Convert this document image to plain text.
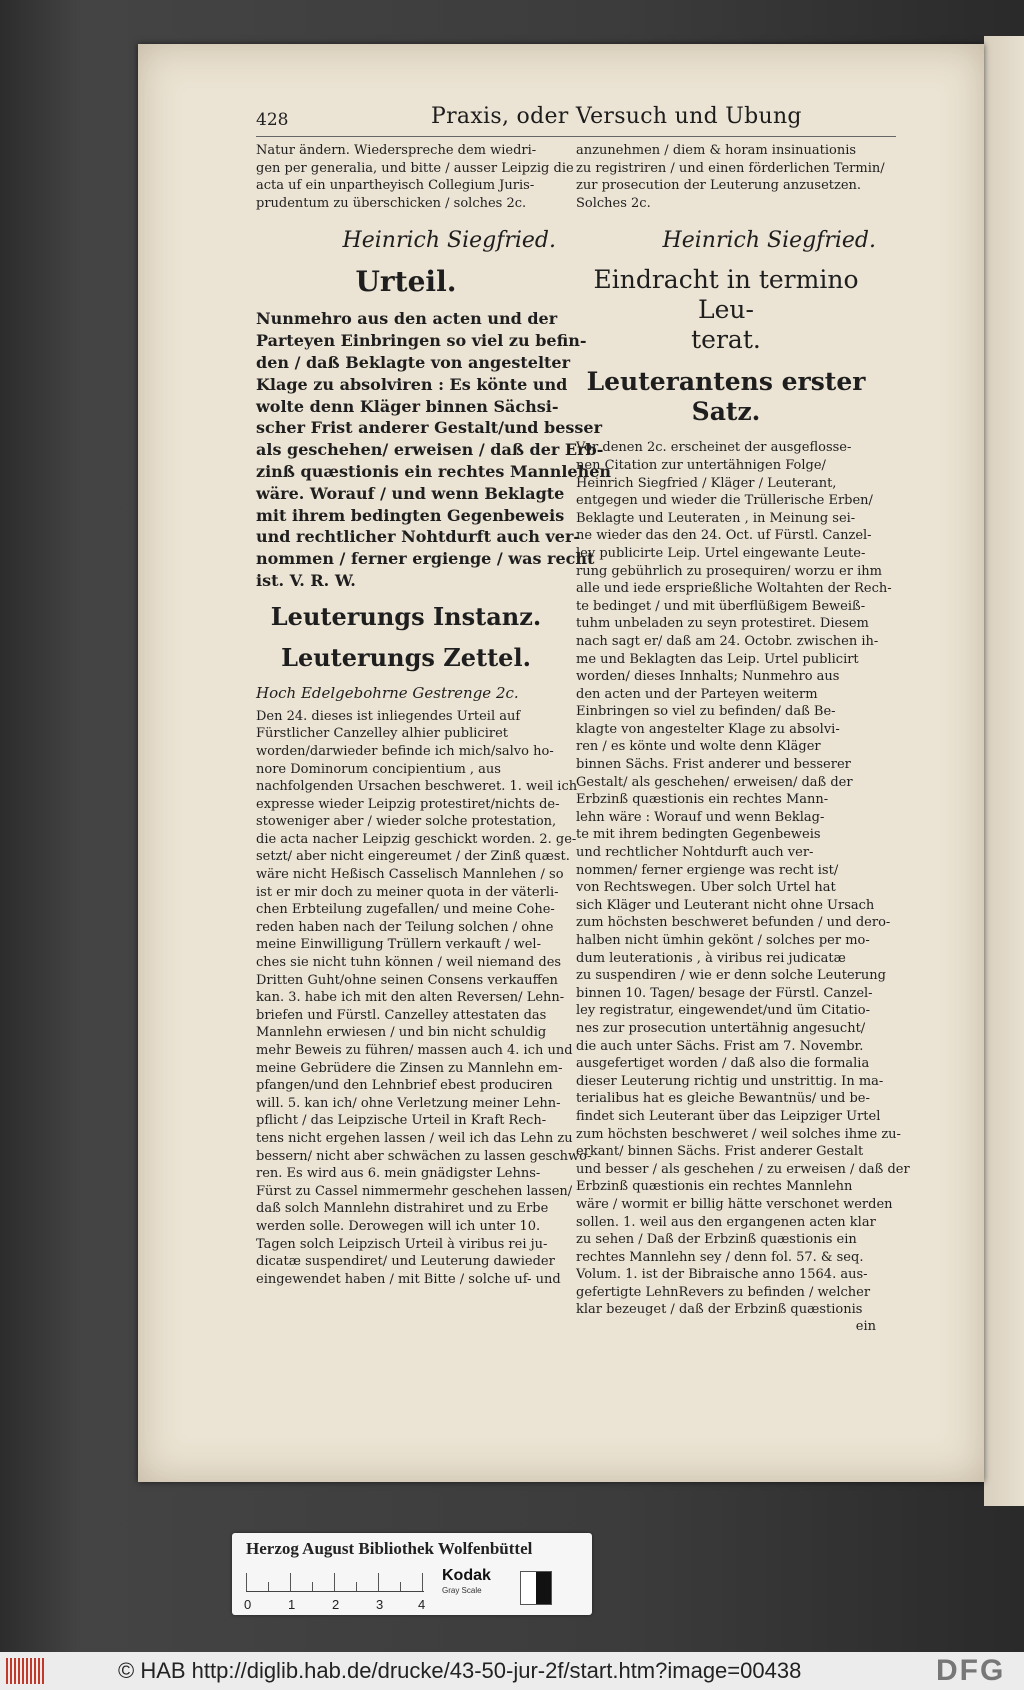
428	Praxis, oder Versuch und Ubung
Natur ändern. Wiederspreche dem wiedri-
gen per generalia, und bitte / ausser Leipzig die
acta uf ein unpartheyisch Collegium Juris-
prudentum zu überschicken / solches 2c.
Heinrich Siegfried.
Urteil.
Nunmehro aus den acten und der
Parteyen Einbringen so viel zu befin-
den / daß Beklagte von angestelter
Klage zu absolviren : Es könte und
wolte denn Kläger binnen Sächsi-
scher Frist anderer Gestalt/und besser
als geschehen/ erweisen / daß der Erb-
zinß quæstionis ein rechtes Mannlehen
wäre. Worauf / und wenn Beklagte
mit ihrem bedingten Gegenbeweis
und rechtlicher Nohtdurft auch ver-
nommen / ferner ergienge / was recht
ist. V. R. W.
Leuterungs Instanz.
Leuterungs Zettel.
Hoch Edelgebohrne Gestrenge 2c.
Den 24. dieses ist inliegendes Urteil auf
Fürstlicher Canzelley alhier publiciret
worden/darwieder befinde ich mich/salvo ho-
nore Dominorum concipientium , aus
nachfolgenden Ursachen beschweret. 1. weil ich
expresse wieder Leipzig protestiret/nichts de-
stoweniger aber / wieder solche protestation,
die acta nacher Leipzig geschickt worden. 2. ge-
setzt/ aber nicht eingereumet / der Zinß quæst.
wäre nicht Heßisch Casselisch Mannlehen / so
ist er mir doch zu meiner quota in der väterli-
chen Erbteilung zugefallen/ und meine Cohe-
reden haben nach der Teilung solchen / ohne
meine Einwilligung Trüllern verkauft / wel-
ches sie nicht tuhn können / weil niemand des
Dritten Guht/ohne seinen Consens verkauffen
kan. 3. habe ich mit den alten Reversen/ Lehn-
briefen und Fürstl. Canzelley attestaten das
Mannlehn erwiesen / und bin nicht schuldig
mehr Beweis zu führen/ massen auch 4. ich und
meine Gebrüdere die Zinsen zu Mannlehn em-
pfangen/und den Lehnbrief ebest produciren
will. 5. kan ich/ ohne Verletzung meiner Lehn-
pflicht / das Leipzische Urteil in Kraft Rech-
tens nicht ergehen lassen / weil ich das Lehn zu
bessern/ nicht aber schwächen zu lassen geschwo-
ren. Es wird aus 6. mein gnädigster Lehns-
Fürst zu Cassel nimmermehr geschehen lassen/
daß solch Mannlehn distrahiret und zu Erbe
werden solle. Derowegen will ich unter 10.
Tagen solch Leipzisch Urteil à viribus rei ju-
dicatæ suspendiret/ und Leuterung dawieder
eingewendet haben / mit Bitte / solche uf- und
anzunehmen / diem & horam insinuationis
zu registriren / und einen förderlichen Termin/
zur prosecution der Leuterung anzusetzen.
Solches 2c.
Heinrich Siegfried.
Eindracht in termino Leu-
terat.
Leuterantens erster
Satz.
Vor denen 2c. erscheinet der ausgeflosse-
nen Citation zur untertähnigen Folge/
Heinrich Siegfried / Kläger / Leuterant,
entgegen und wieder die Trüllerische Erben/
Beklagte und Leuteraten , in Meinung sei-
ne wieder das den 24. Oct. uf Fürstl. Canzel-
ley publicirte Leip. Urtel eingewante Leute-
rung gebührlich zu prosequiren/ worzu er ihm
alle und iede ersprießliche Woltahten der Rech-
te bedinget / und mit überflüßigem Beweiß-
tuhm unbeladen zu seyn protestiret. Diesem
nach sagt er/ daß am 24. Octobr. zwischen ih-
me und Beklagten das Leip. Urtel publicirt
worden/ dieses Innhalts; Nunmehro aus
den acten und der Parteyen weiterm
Einbringen so viel zu befinden/ daß Be-
klagte von angestelter Klage zu absolvi-
ren / es könte und wolte denn Kläger
binnen Sächs. Frist anderer und besserer
Gestalt/ als geschehen/ erweisen/ daß der
Erbzinß quæstionis ein rechtes Mann-
lehn wäre : Worauf und wenn Beklag-
te mit ihrem bedingten Gegenbeweis
und rechtlicher Nohtdurft auch ver-
nommen/ ferner ergienge was recht ist/
von Rechtswegen. Uber solch Urtel hat
sich Kläger und Leuterant nicht ohne Ursach
zum höchsten beschweret befunden / und dero-
halben nicht ümhin gekönt / solches per mo-
dum leuterationis , à viribus rei judicatæ
zu suspendiren / wie er denn solche Leuterung
binnen 10. Tagen/ besage der Fürstl. Canzel-
ley registratur, eingewendet/und üm Citatio-
nes zur prosecution untertähnig angesucht/
die auch unter Sächs. Frist am 7. Novembr.
ausgefertiget worden / daß also die formalia
dieser Leuterung richtig und unstrittig. In ma-
terialibus hat es gleiche Bewantnüs/ und be-
findet sich Leuterant über das Leipziger Urtel
zum höchsten beschweret / weil solches ihme zu-
erkant/ binnen Sächs. Frist anderer Gestalt
und besser / als geschehen / zu erweisen / daß der
Erbzinß quæstionis ein rechtes Mannlehn
wäre / wormit er billig hätte verschonet werden
sollen. 1. weil aus den ergangenen acten klar
zu sehen / Daß der Erbzinß quæstionis ein
rechtes Mannlehn sey / denn fol. 57. & seq.
Volum. 1. ist der Bibraische anno 1564. aus-
gefertigte LehnRevers zu befinden / welcher
klar bezeuget / daß der Erbzinß quæstionis
ein
Herzog August Bibliothek Wolfenbüttel
0	1	2	3	4
Kodak
Gray Scale
© HAB http://diglib.hab.de/drucke/43-50-jur-2f/start.htm?image=00438	DFG
